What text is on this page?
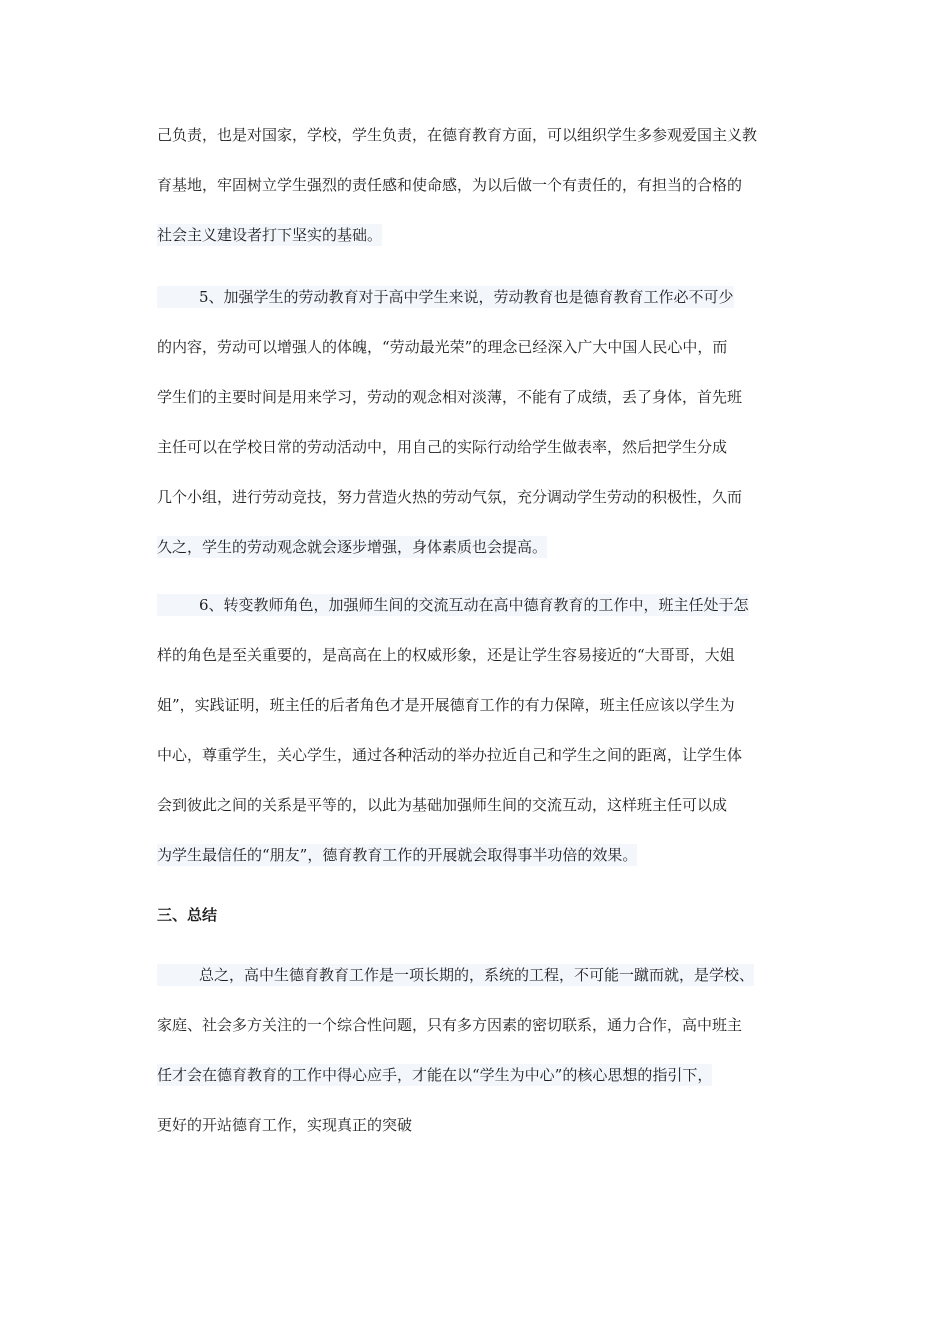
己负责，也是对国家，学校，学生负责，在德育教育方面，可以组织学生多参观爱国主义教
育基地，牢固树立学生强烈的责任感和使命感，为以后做一个有责任的，有担当的合格的
社会主义建设者打下坚实的基础。
5、加强学生的劳动教育对于高中学生来说，劳动教育也是德育教育工作必不可少
的内容，劳动可以增强人的体魄，“劳动最光荣”的理念已经深入广大中国人民心中，而
学生们的主要时间是用来学习，劳动的观念相对淡薄，不能有了成绩，丢了身体，首先班
主任可以在学校日常的劳动活动中，用自己的实际行动给学生做表率，然后把学生分成
几个小组，进行劳动竞技，努力营造火热的劳动气氛，充分调动学生劳动的积极性，久而
久之，学生的劳动观念就会逐步增强，身体素质也会提高。
6、转变教师角色，加强师生间的交流互动在高中德育教育的工作中，班主任处于怎
样的角色是至关重要的，是高高在上的权威形象，还是让学生容易接近的“大哥哥，大姐
姐”，实践证明，班主任的后者角色才是开展德育工作的有力保障，班主任应该以学生为
中心，尊重学生，关心学生，通过各种活动的举办拉近自己和学生之间的距离，让学生体
会到彼此之间的关系是平等的，以此为基础加强师生间的交流互动，这样班主任可以成
为学生最信任的“朋友”，德育教育工作的开展就会取得事半功倍的效果。
三、总结
总之，高中生德育教育工作是一项长期的，系统的工程，不可能一蹴而就，是学校、
家庭、社会多方关注的一个综合性问题，只有多方因素的密切联系，通力合作，高中班主
任才会在德育教育的工作中得心应手，才能在以“学生为中心”的核心思想的指引下，
更好的开站德育工作，实现真正的突破
